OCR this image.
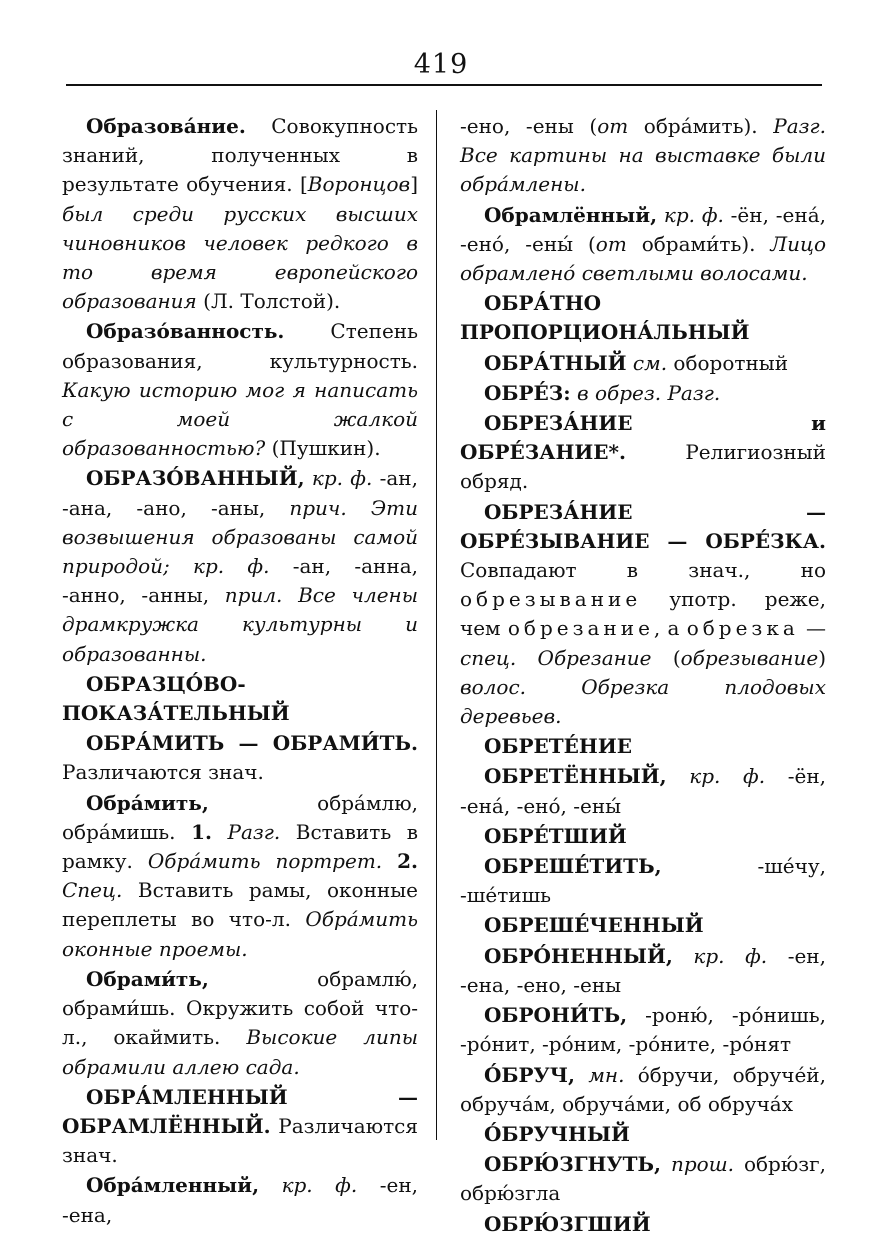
419

Образова́ние. Совокупность знаний, полученных в результате обучения. [Воронцов] был среди русских высших чиновников человек редкого в то время европейского образования (Л. Толстой).

Образо́ванность. Степень образования, культурность. Какую историю мог я написать с моей жалкой образованностью? (Пушкин).

ОБРАЗО́ВАННЫЙ, кр. ф. -ан, -ана, -ано, -аны, прич. Эти возвышения образованы самой природой; кр. ф. -ан, -анна, -анно, -анны, прил. Все члены драмкружка культурны и образованны.

ОБРАЗЦО́ВО-ПОКАЗА́ТЕЛЬНЫЙ

ОБРА́МИТЬ — ОБРАМИ́ТЬ. Различаются знач.

Обра́мить, обра́млю, обра́мишь. 1. Разг. Вставить в рамку. Обра́мить портрет. 2. Спец. Вставить рамы, оконные переплеты во что-л. Обра́мить оконные проемы.

Обрами́ть, обрамлю́, обрами́шь. Окружить собой что-л., окаймить. Высокие липы обрамили аллею сада.

ОБРА́МЛЕННЫЙ — ОБРАМЛЁННЫЙ. Различаются знач.

Обра́мленный, кр. ф. -ен, -ена,

-ено, -ены (от обра́мить). Разг. Все картины на выставке были обра́млены.

Обрамлённый, кр. ф. -ён, -ена́, -ено́, -ены́ (от обрами́ть). Лицо обрамлено́ светлыми волосами.

ОБРА́ТНО ПРОПОРЦИОНА́ЛЬНЫЙ

ОБРА́ТНЫЙ см. оборотный

ОБРЕ́З: в обрез. Разг.

ОБРЕЗА́НИЕ и ОБРЕ́ЗАНИЕ*. Религиозный обряд.

ОБРЕЗА́НИЕ — ОБРЕ́ЗЫВАНИЕ — ОБРЕ́ЗКА. Совпадают в знач., но обрезывание употр. реже, чем обрезание, а обрезка — спец. Обрезание (обрезывание) волос. Обрезка плодовых деревьев.

ОБРЕТЕ́НИЕ

ОБРЕТЁННЫЙ, кр. ф. -ён, -ена́, -ено́, -ены́

ОБРЕ́ТШИЙ

ОБРЕШЕ́ТИТЬ, -ше́чу, -ше́тишь

ОБРЕШЕ́ЧЕННЫЙ

ОБРО́НЕННЫЙ, кр. ф. -ен, -ена, -ено, -ены

ОБРОНИ́ТЬ, -роню́, -ро́нишь, -ро́нит, -ро́ним, -ро́ните, -ро́нят

О́БРУЧ, мн. о́бручи, обруче́й, обруча́м, обруча́ми, об обруча́х

О́БРУЧНЫЙ

ОБРЮ́ЗГНУТЬ, прош. обрю́зг, обрю́згла

ОБРЮ́ЗГШИЙ
